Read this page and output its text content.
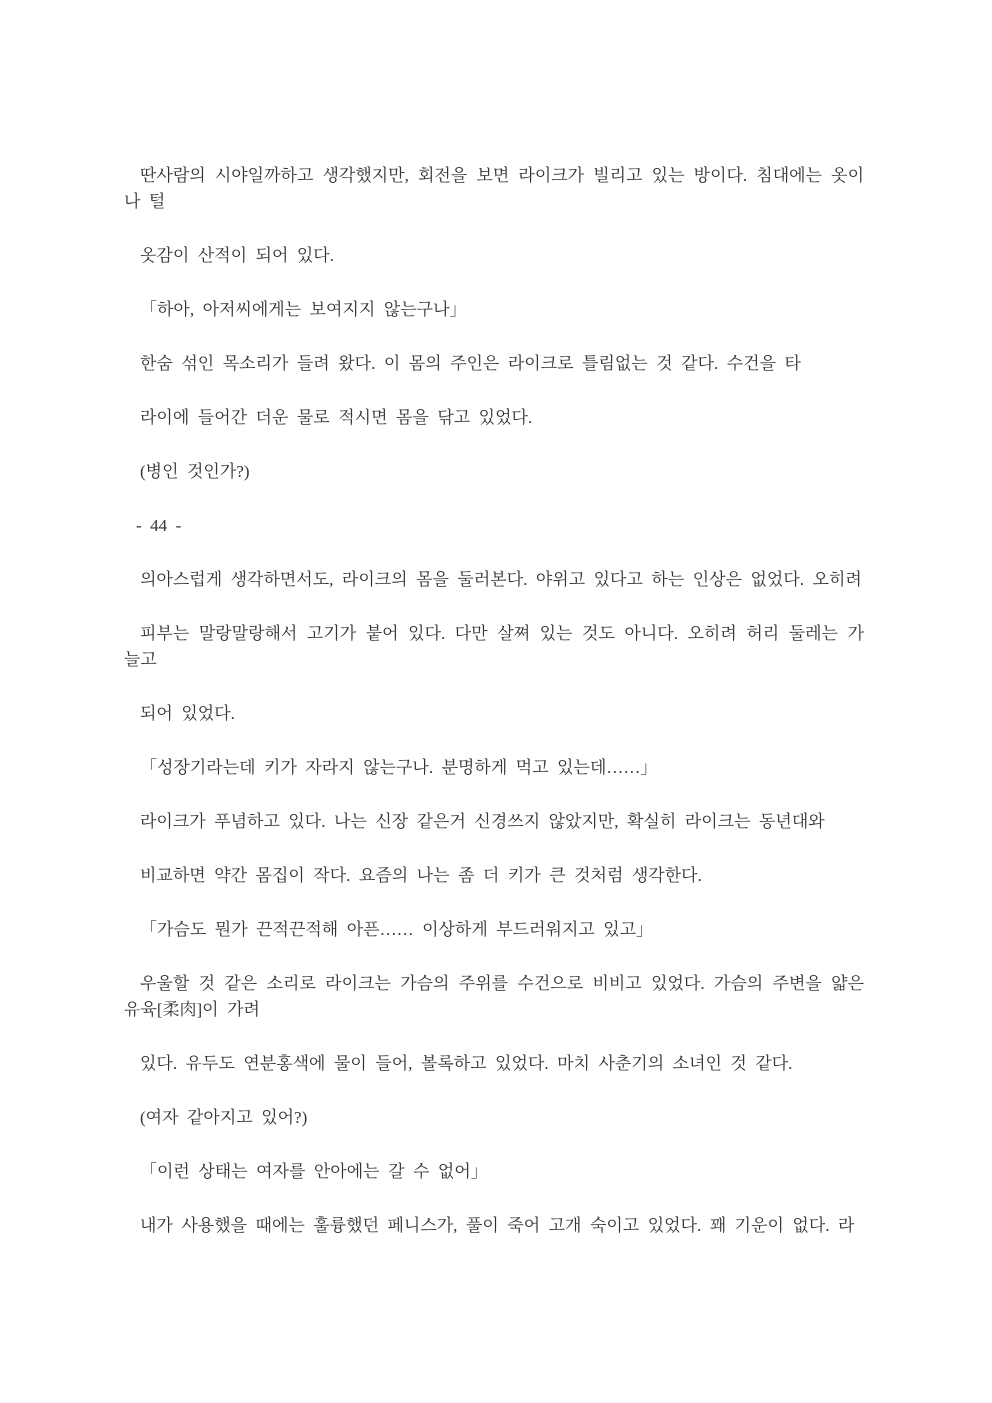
딴사람의 시야일까하고 생각했지만, 회전을 보면 라이크가 빌리고 있는 방이다. 침대에는 옷이나 털

옷감이 산적이 되어 있다.

「하아, 아저씨에게는 보여지지 않는구나」

한숨 섞인 목소리가 들려 왔다. 이 몸의 주인은 라이크로 틀림없는 것 같다. 수건을 타

라이에 들어간 더운 물로 적시면 몸을 닦고 있었다.

(병인 것인가?)

- 44 -

의아스럽게 생각하면서도, 라이크의 몸을 둘러본다. 야위고 있다고 하는 인상은 없었다. 오히려

피부는 말랑말랑해서 고기가 붙어 있다. 다만 살쪄 있는 것도 아니다. 오히려 허리 둘레는 가늘고

되어 있었다.

「성장기라는데 키가 자라지 않는구나. 분명하게 먹고 있는데……」

라이크가 푸념하고 있다. 나는 신장 같은거 신경쓰지 않았지만, 확실히 라이크는 동년대와

비교하면 약간 몸집이 작다. 요즘의 나는 좀 더 키가 큰 것처럼 생각한다.

「가슴도 뭔가 끈적끈적해 아픈…… 이상하게 부드러워지고 있고」

우울할 것 같은 소리로 라이크는 가슴의 주위를 수건으로 비비고 있었다. 가슴의 주변을 얇은 유육[柔肉]이 가려

있다. 유두도 연분홍색에 물이 들어, 볼록하고 있었다. 마치 사춘기의 소녀인 것 같다.

(여자 같아지고 있어?)

「이런 상태는 여자를 안아에는 갈 수 없어」

내가 사용했을 때에는 훌륭했던 페니스가, 풀이 죽어 고개 숙이고 있었다. 꽤 기운이 없다. 라
